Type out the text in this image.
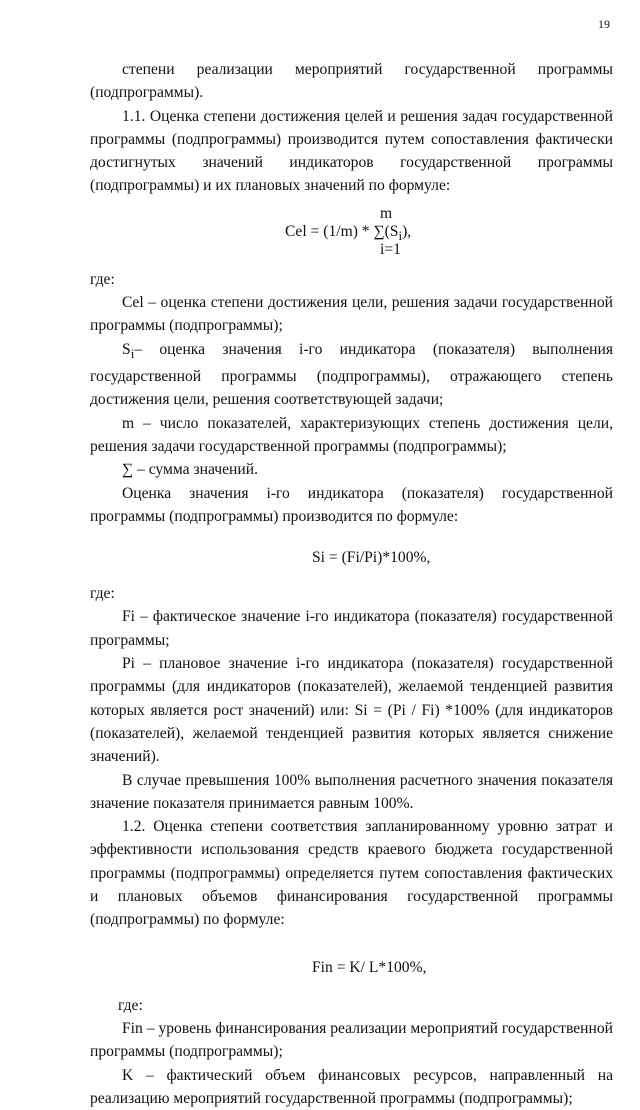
19

степени реализации мероприятий государственной программы (подпрограммы).

1.1. Оценка степени достижения целей и решения задач государственной программы (подпрограммы) производится путем сопоставления фактически достигнутых значений индикаторов государственной программы (подпрограммы) и их плановых значений по формуле:

m
Cel = $(1/m) * \sum(S_i)$,
i=1

где:

Cel – оценка степени достижения цели, решения задачи государственной программы (подпрограммы);

$S_i-$ оценка значения i-го индикатора (показателя) выполнения государственной программы (подпрограммы), отражающего степень достижения цели, решения соответствующей задачи;

m – число показателей, характеризующих степень достижения цели, решения задачи государственной программы (подпрограммы);

∑ – сумма значений.

Оценка значения i-го индикатора (показателя) государственной программы (подпрограммы) производится по формуле:

Si = (Fi/Pi)*100%,

где:

Fi – фактическое значение i-го индикатора (показателя) государственной программы;

Pi – плановое значение i-го индикатора (показателя) государственной программы (для индикаторов (показателей), желаемой тенденцией развития которых является рост значений) или: Si = (Pi / Fi) *100% (для индикаторов (показателей), желаемой тенденцией развития которых является снижение значений).

В случае превышения 100% выполнения расчетного значения показателя значение показателя принимается равным 100%.

1.2. Оценка степени соответствия запланированному уровню затрат и эффективности использования средств краевого бюджета государственной программы (подпрограммы) определяется путем сопоставления фактических и плановых объемов финансирования государственной программы (подпрограммы) по формуле:

Fin = K/ L*100%,

где:

Fin – уровень финансирования реализации мероприятий государственной программы (подпрограммы);

K – фактический объем финансовых ресурсов, направленный на реализацию мероприятий государственной программы (подпрограммы);
